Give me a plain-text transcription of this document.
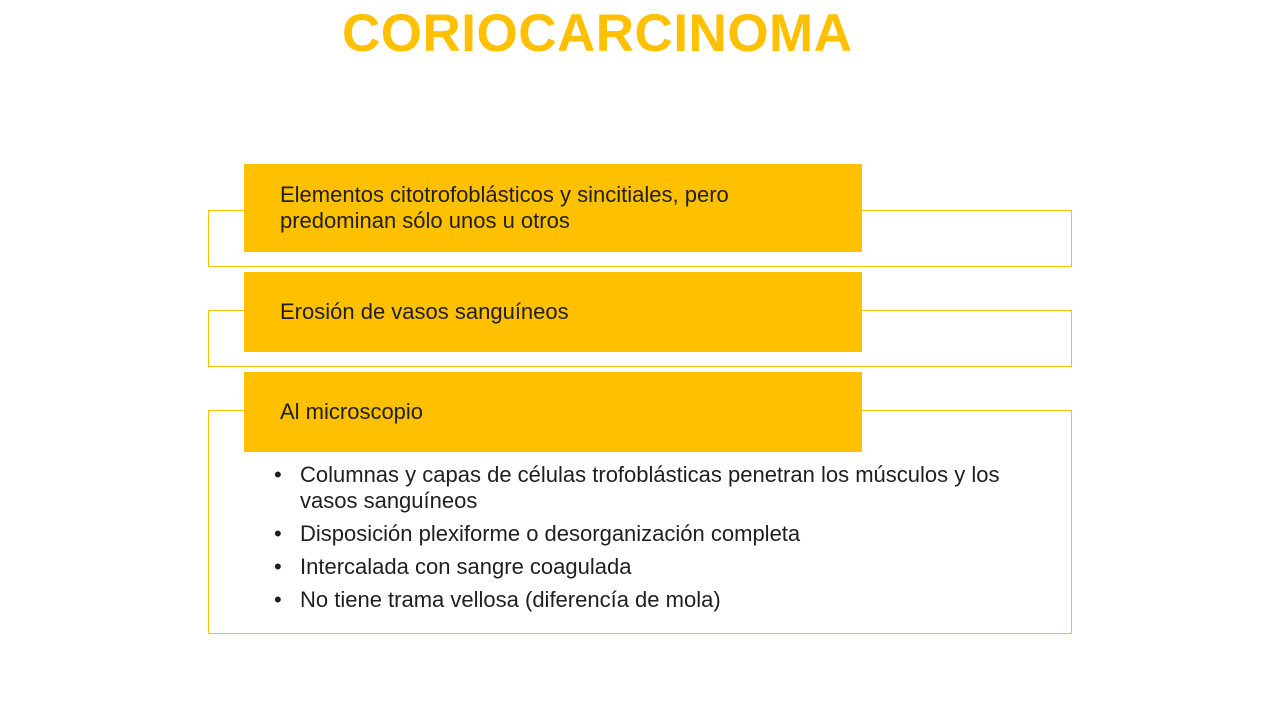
CORIOCARCINOMA
Elementos citotrofoblásticos y sincitiales, pero predominan sólo unos u otros
Erosión de vasos sanguíneos
Al microscopio
• Columnas y capas de células trofoblásticas penetran los músculos y los vasos sanguíneos
• Disposición plexiforme o desorganización completa
• Intercalada con sangre coagulada
• No tiene trama vellosa (diferencía de mola)
